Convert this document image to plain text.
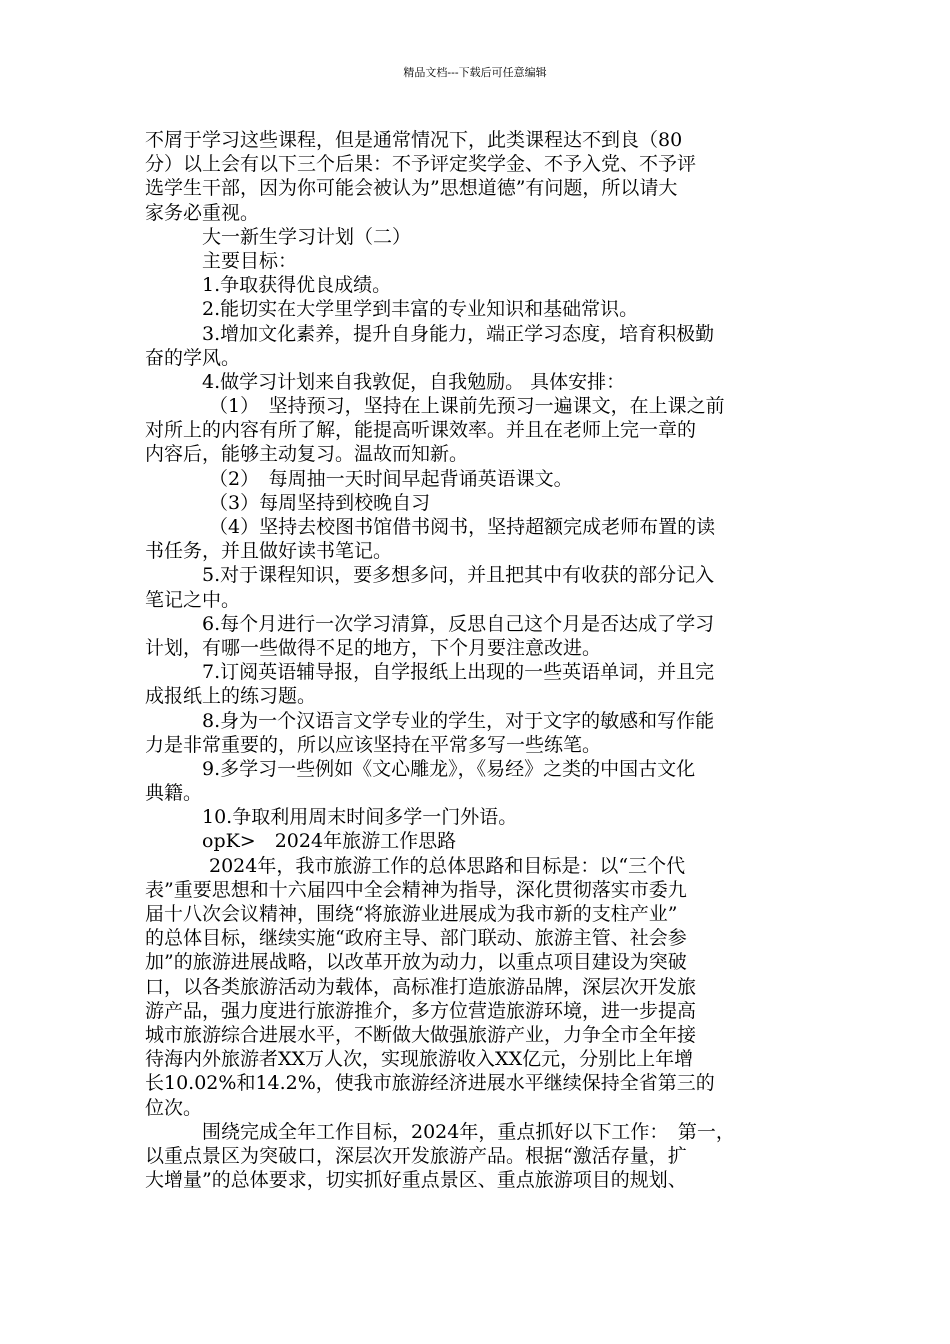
精品文档---下载后可任意编辑
不屑于学习这些课程，但是通常情况下，此类课程达不到良（80
分）以上会有以下三个后果：不予评定奖学金、不予入党、不予评
选学生干部，因为你可能会被认为”思想道德”有问题，所以请大
家务必重视。
大一新生学习计划（二）
主要目标：
1.争取获得优良成绩。
2.能切实在大学里学到丰富的专业知识和基础常识。
3.增加文化素养，提升自身能力，端正学习态度，培育积极勤
奋的学风。
4.做学习计划来自我敦促，自我勉励。 具体安排：
（1）　坚持预习，坚持在上课前先预习一遍课文，在上课之前
对所上的内容有所了解，能提高听课效率。并且在老师上完一章的
内容后，能够主动复习。温故而知新。
（2）　每周抽一天时间早起背诵英语课文。
（3）每周坚持到校晚自习
（4）坚持去校图书馆借书阅书，坚持超额完成老师布置的读
书任务，并且做好读书笔记。
5.对于课程知识，要多想多问，并且把其中有收获的部分记入
笔记之中。
6.每个月进行一次学习清算，反思自己这个月是否达成了学习
计划，有哪一些做得不足的地方，下个月要注意改进。
7.订阅英语辅导报，自学报纸上出现的一些英语单词，并且完
成报纸上的练习题。
8.身为一个汉语言文学专业的学生，对于文字的敏感和写作能
力是非常重要的，所以应该坚持在平常多写一些练笔。
9.多学习一些例如《文心雕龙》，《易经》之类的中国古文化
典籍。
10.争取利用周末时间多学一门外语。
opK>　2024年旅游工作思路
2024年，我市旅游工作的总体思路和目标是：以“三个代
表”重要思想和十六届四中全会精神为指导，深化贯彻落实市委九
届十八次会议精神，围绕“将旅游业进展成为我市新的支柱产业”
的总体目标，继续实施“政府主导、部门联动、旅游主管、社会参
加”的旅游进展战略，以改革开放为动力，以重点项目建设为突破
口，以各类旅游活动为载体，高标准打造旅游品牌，深层次开发旅
游产品，强力度进行旅游推介，多方位营造旅游环境，进一步提高
城市旅游综合进展水平，不断做大做强旅游产业，力争全市全年接
待海内外旅游者XX万人次，实现旅游收入XX亿元，分别比上年增
长10.02%和14.2%，使我市旅游经济进展水平继续保持全省第三的
位次。
围绕完成全年工作目标，2024年，重点抓好以下工作：　第一，
以重点景区为突破口，深层次开发旅游产品。根据“激活存量，扩
大增量”的总体要求，切实抓好重点景区、重点旅游项目的规划、
